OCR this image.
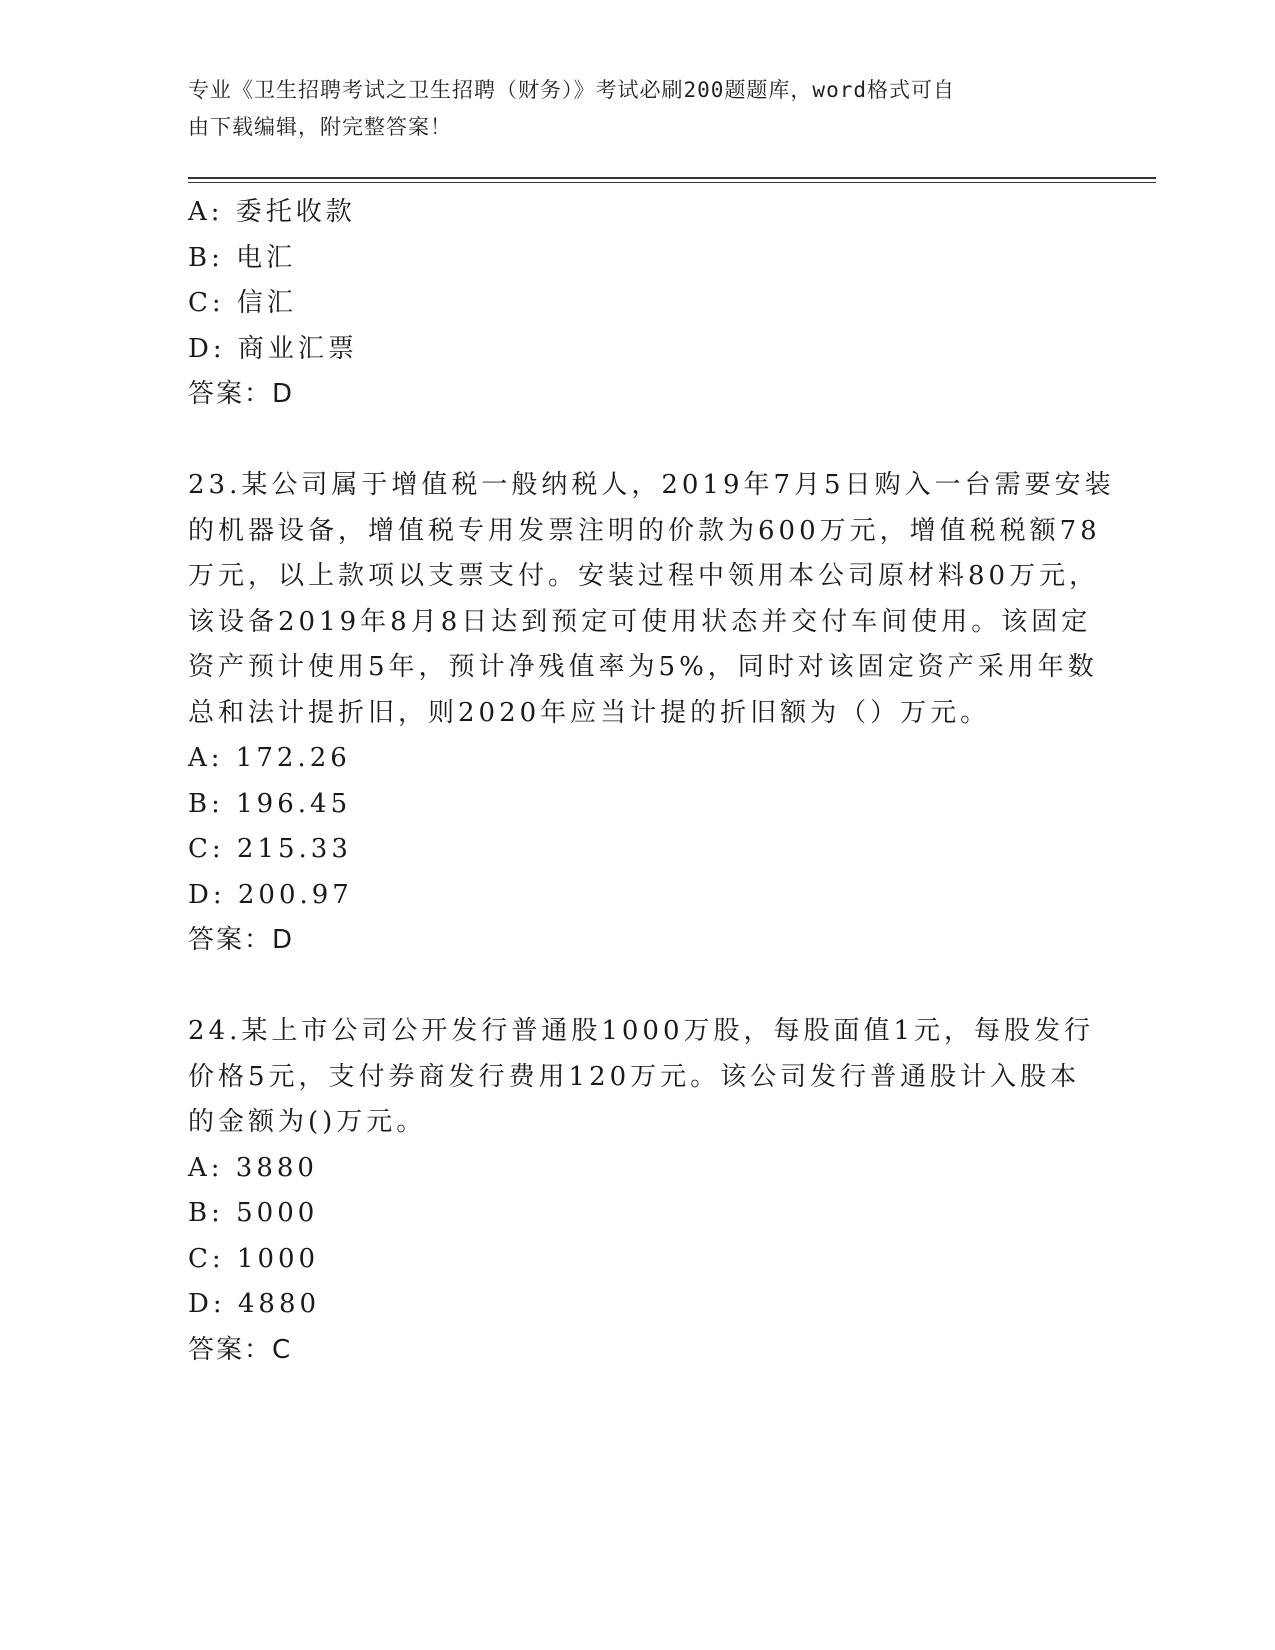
专业《卫生招聘考试之卫生招聘（财务）》考试必刷200题题库，word格式可自
由下载编辑，附完整答案！
A: 委托收款
B: 电汇
C: 信汇
D: 商业汇票
答案：D
23.某公司属于增值税一般纳税人，2019年7月5日购入一台需要安装
的机器设备，增值税专用发票注明的价款为600万元，增值税税额78
万元，以上款项以支票支付。安装过程中领用本公司原材料80万元，
该设备2019年8月8日达到预定可使用状态并交付车间使用。该固定
资产预计使用5年，预计净残值率为5%，同时对该固定资产采用年数
总和法计提折旧，则2020年应当计提的折旧额为（）万元。
A: 172.26
B: 196.45
C: 215.33
D: 200.97
答案：D
24.某上市公司公开发行普通股1000万股，每股面值1元，每股发行
价格5元，支付券商发行费用120万元。该公司发行普通股计入股本
的金额为()万元。
A: 3880
B: 5000
C: 1000
D: 4880
答案：C
